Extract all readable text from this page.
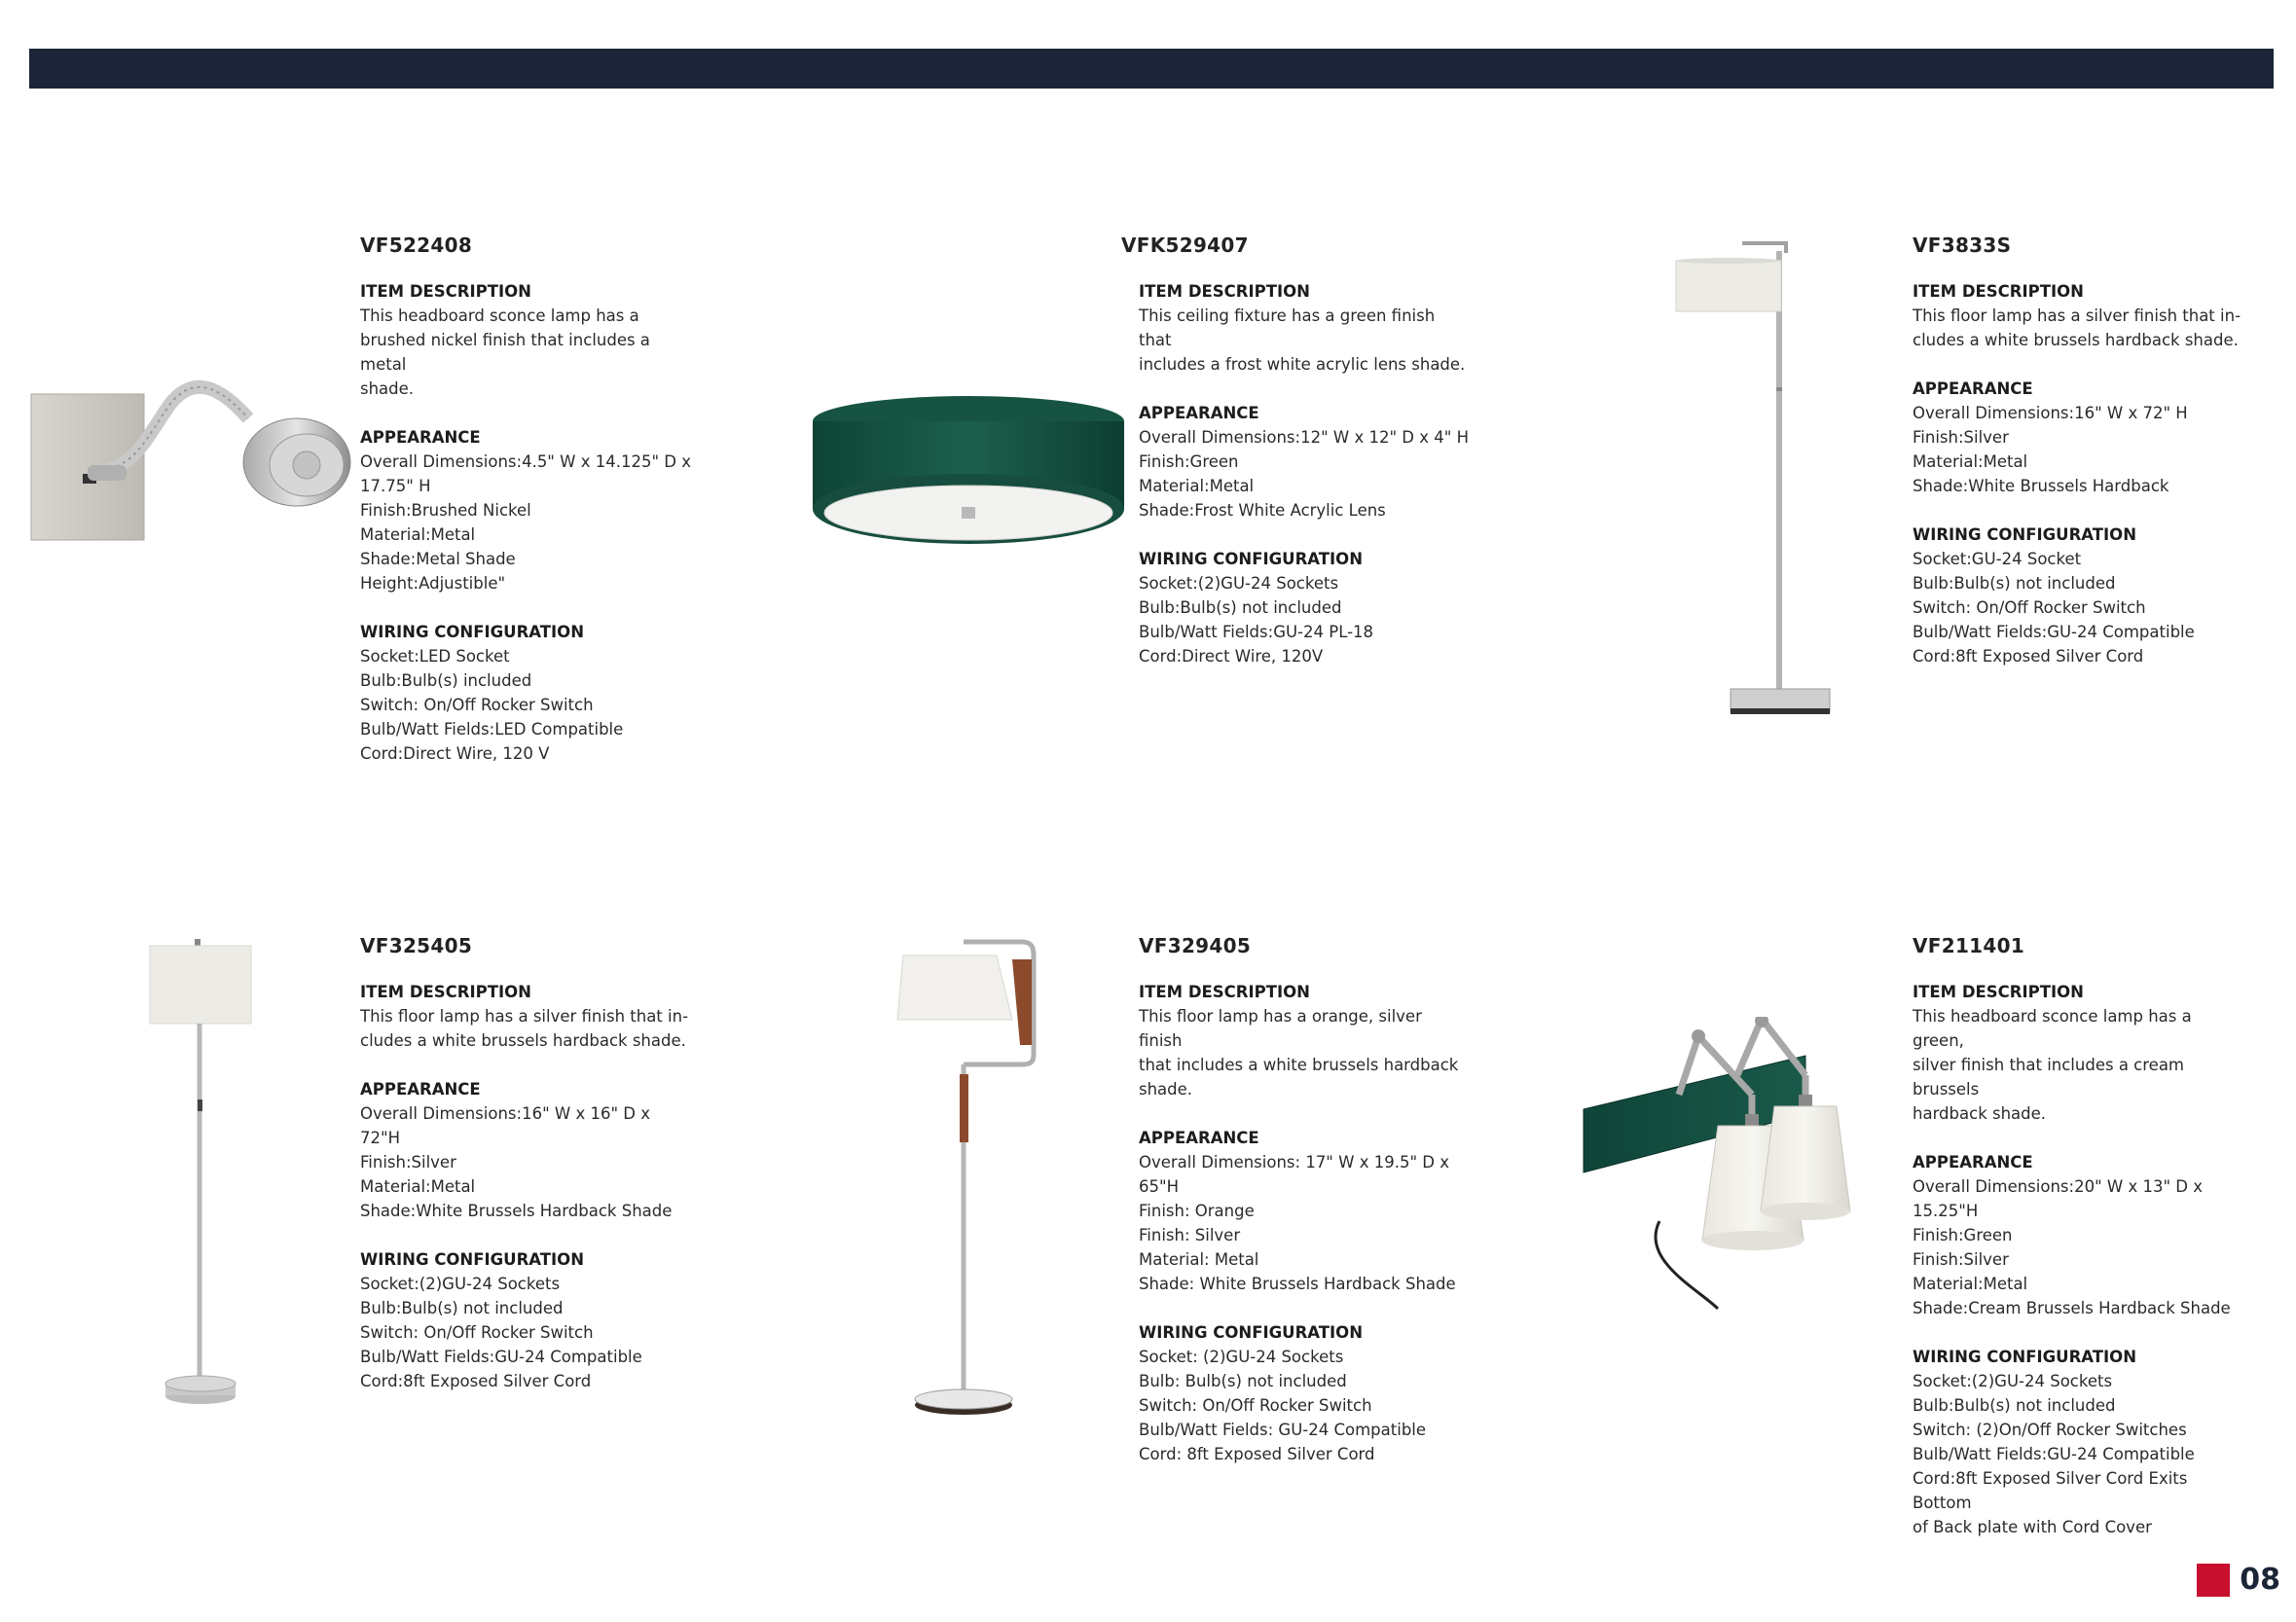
VF522408
ITEM DESCRIPTION
This headboard sconce lamp has a
brushed nickel finish that includes a metal
shade.
APPEARANCE
Overall Dimensions:4.5" W x 14.125" D x
17.75" H
Finish:Brushed Nickel
Material:Metal
Shade:Metal Shade
Height:Adjustible"
WIRING CONFIGURATION
Socket:LED Socket
Bulb:Bulb(s) included
Switch: On/Off Rocker Switch
Bulb/Watt Fields:LED Compatible
Cord:Direct Wire, 120 V
VFK529407
ITEM DESCRIPTION
This ceiling fixture has a green finish that
includes a frost white acrylic lens shade.
APPEARANCE
Overall Dimensions:12" W x 12" D x 4" H
Finish:Green
Material:Metal
Shade:Frost White Acrylic Lens
WIRING CONFIGURATION
Socket:(2)GU-24 Sockets
Bulb:Bulb(s) not included
Bulb/Watt Fields:GU-24 PL-18
Cord:Direct Wire, 120V
VF3833S
ITEM DESCRIPTION
This floor lamp has a silver finish that in-
cludes a white brussels hardback shade.
APPEARANCE
Overall Dimensions:16" W x 72" H
Finish:Silver
Material:Metal
Shade:White Brussels Hardback
WIRING CONFIGURATION
Socket:GU-24 Socket
Bulb:Bulb(s) not included
Switch: On/Off Rocker Switch
Bulb/Watt Fields:GU-24 Compatible
Cord:8ft Exposed Silver Cord
VF325405
ITEM DESCRIPTION
This floor lamp has a silver finish that in-
cludes a white brussels hardback shade.
APPEARANCE
Overall Dimensions:16" W x 16" D x 72"H
Finish:Silver
Material:Metal
Shade:White Brussels Hardback Shade
WIRING CONFIGURATION
Socket:(2)GU-24 Sockets
Bulb:Bulb(s) not included
Switch: On/Off Rocker Switch
Bulb/Watt Fields:GU-24 Compatible
Cord:8ft Exposed Silver Cord
VF329405
ITEM DESCRIPTION
This floor lamp has a orange, silver finish
that includes a white brussels hardback
shade.
APPEARANCE
Overall Dimensions: 17" W x 19.5" D x
65"H
Finish: Orange
Finish: Silver
Material: Metal
Shade: White Brussels Hardback Shade
WIRING CONFIGURATION
Socket: (2)GU-24 Sockets
Bulb: Bulb(s) not included
Switch: On/Off Rocker Switch
Bulb/Watt Fields: GU-24 Compatible
Cord: 8ft Exposed Silver Cord
VF211401
ITEM DESCRIPTION
This headboard sconce lamp has a green,
silver finish that includes a cream brussels
hardback shade.
APPEARANCE
Overall Dimensions:20" W x 13" D x
15.25"H
Finish:Green
Finish:Silver
Material:Metal
Shade:Cream Brussels Hardback Shade
WIRING CONFIGURATION
Socket:(2)GU-24 Sockets
Bulb:Bulb(s) not included
Switch: (2)On/Off Rocker Switches
Bulb/Watt Fields:GU-24 Compatible
Cord:8ft Exposed Silver Cord Exits Bottom
of Back plate with Cord Cover
08
